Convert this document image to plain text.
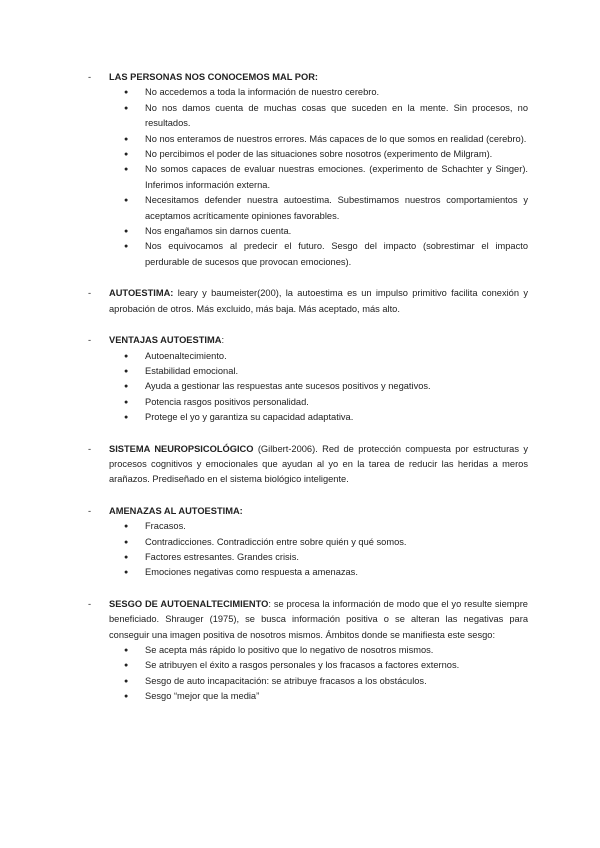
- LAS PERSONAS NOS CONOCEMOS MAL POR:
● No accedemos a toda la información de nuestro cerebro.
● No nos damos cuenta de muchas cosas que suceden en la mente. Sin procesos, no resultados.
● No nos enteramos de nuestros errores. Más capaces de lo que somos en realidad (cerebro).
● No percibimos el poder de las situaciones sobre nosotros (experimento de Milgram).
● No somos capaces de evaluar nuestras emociones. (experimento de Schachter y Singer). Inferimos información externa.
● Necesitamos defender nuestra autoestima. Subestimamos nuestros comportamientos y aceptamos acríticamente opiniones favorables.
● Nos engañamos sin darnos cuenta.
● Nos equivocamos al predecir el futuro. Sesgo del impacto (sobrestimar el impacto perdurable de sucesos que provocan emociones).
- AUTOESTIMA: leary y baumeister(200), la autoestima es un impulso primitivo facilita conexión y aprobación de otros. Más excluido, más baja. Más aceptado, más alto.
- VENTAJAS AUTOESTIMA:
● Autoenaltecimiento.
● Estabilidad emocional.
● Ayuda a gestionar las respuestas ante sucesos positivos y negativos.
● Potencia rasgos positivos personalidad.
● Protege el yo y garantiza su capacidad adaptativa.
- SISTEMA NEUROPSICOLÓGICO (Gilbert-2006). Red de protección compuesta por estructuras y procesos cognitivos y emocionales que ayudan al yo en la tarea de reducir las heridas a meros arañazos. Prediseñado en el sistema biológico inteligente.
- AMENAZAS AL AUTOESTIMA:
● Fracasos.
● Contradicciones. Contradicción entre sobre quién y qué somos.
● Factores estresantes. Grandes crisis.
● Emociones negativas como respuesta a amenazas.
- SESGO DE AUTOENALTECIMIENTO: se procesa la información de modo que el yo resulte siempre beneficiado. Shrauger (1975), se busca información positiva o se alteran las negativas para conseguir una imagen positiva de nosotros mismos. Ámbitos donde se manifiesta este sesgo:
● Se acepta más rápido lo positivo que lo negativo de nosotros mismos.
● Se atribuyen el éxito a rasgos personales y los fracasos a factores externos.
● Sesgo de auto incapacitación: se atribuye fracasos a los obstáculos.
● Sesgo “mejor que la media”
